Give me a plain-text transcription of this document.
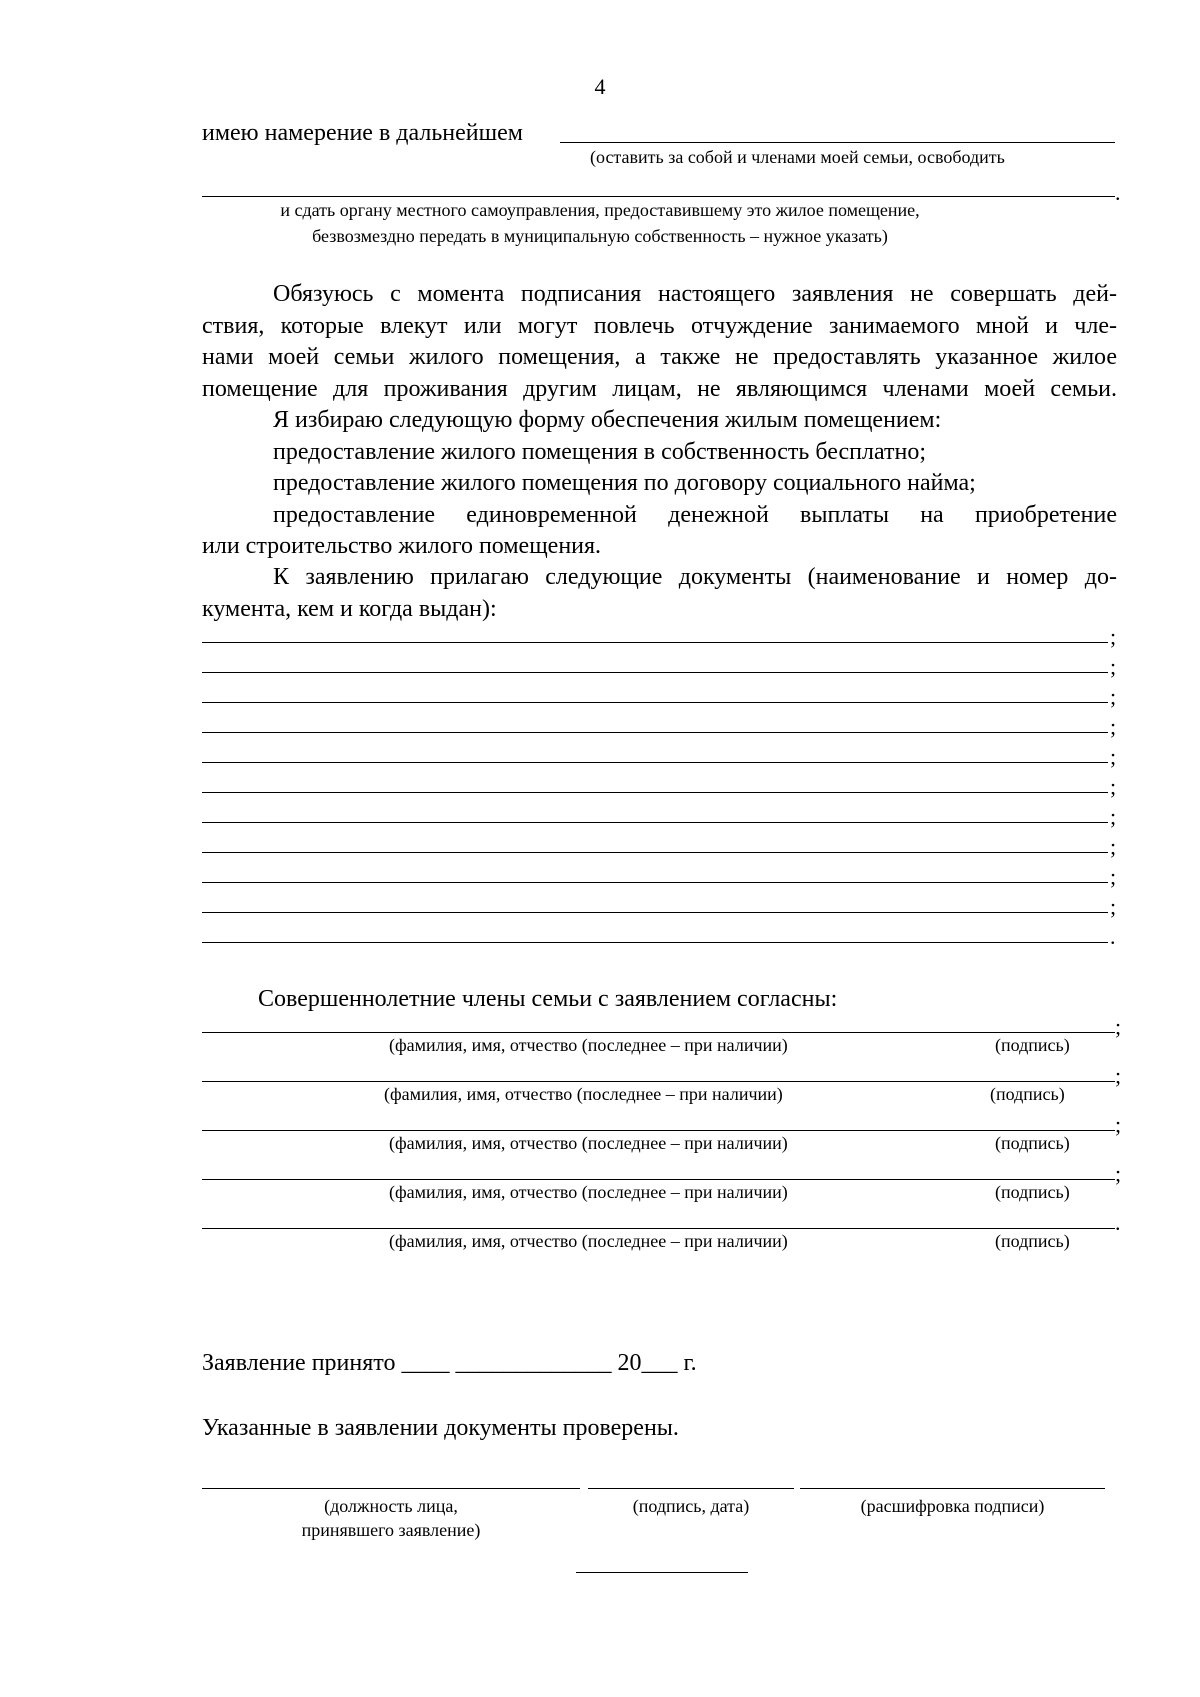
4
имею намерение в дальнейшем
(оставить за собой и членами моей семьи, освободить
.
и сдать органу местного самоуправления, предоставившему это жилое помещение,
безвозмездно передать в муниципальную собственность – нужное указать)

Обязуюсь с момента подписания настоящего заявления не совершать дей-

ствия, которые влекут или могут повлечь отчуждение занимаемого мной и чле-

нами моей семьи жилого помещения, а также не предоставлять указанное жилое

помещение для проживания другим лицам, не являющимся членами моей семьи.

Я избираю следующую форму обеспечения жилым помещением:

предоставление жилого помещения в собственность бесплатно;

предоставление жилого помещения по договору социального найма;

предоставление единовременной денежной выплаты на приобретение

или строительство жилого помещения.

К заявлению прилагаю следующие документы (наименование и номер до-

кумента, кем и когда выдан):

;
;
;
;
;
;
;
;
;
;
.
Совершеннолетние члены семьи с заявлением согласны:
;
(фамилия, имя, отчество (последнее – при наличии)	(подпись)
;
(фамилия, имя, отчество (последнее – при наличии)	(подпись)
;
(фамилия, имя, отчество (последнее – при наличии)	(подпись)
;
(фамилия, имя, отчество (последнее – при наличии)	(подпись)
.
(фамилия, имя, отчество (последнее – при наличии)	(подпись)
Заявление принято ____ _____________ 20___ г.
Указанные в заявлении документы проверены.
(должность лица,
принявшего заявление)
(подпись, дата)	(расшифровка подписи)
